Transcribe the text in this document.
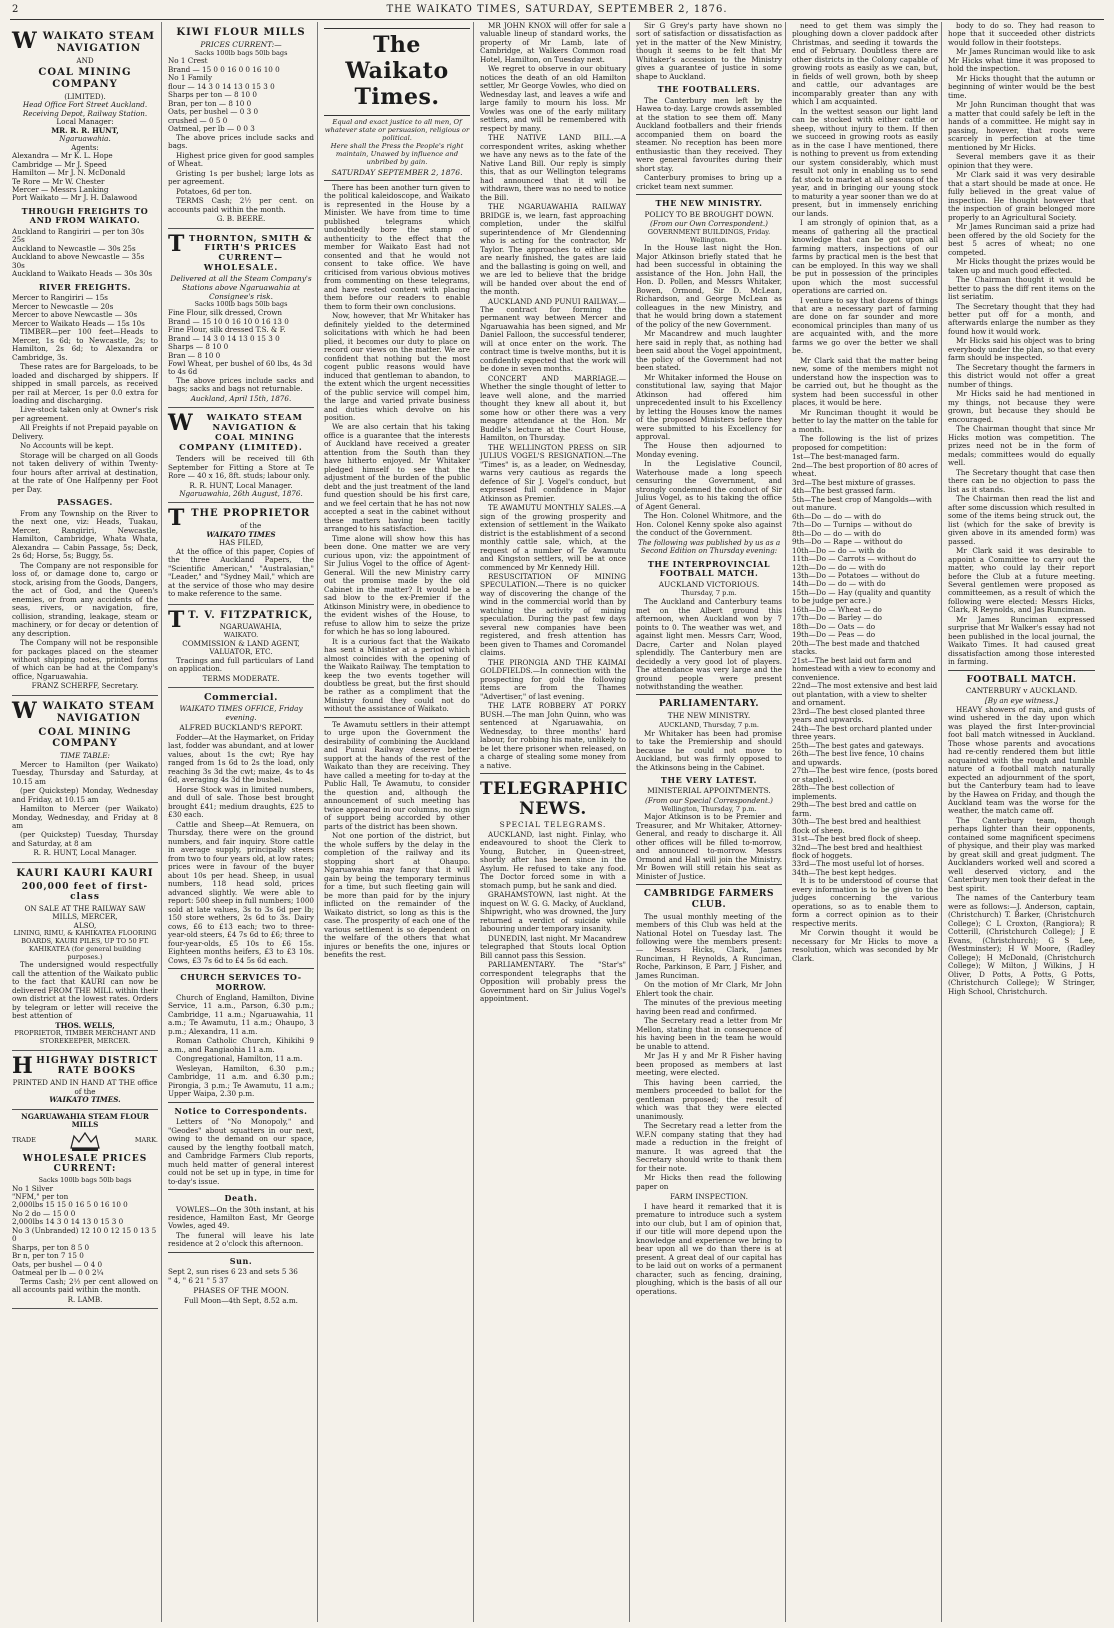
2	THE WAIKATO TIMES, SATURDAY, SEPTEMBER 2, 1876.
WWAIKATO STEAM NAVIGATION
AND
COAL MINING COMPANY
(LIMITED).
Head Office Fort Street Auckland.
Receiving Depot, Railway Station.
Local Manager:
MR. R. R. HUNT,
Ngaruawahia.
Agents:
Alexandra — Mr K. L. Hope
Cambridge — Mr J. Speed
Hamilton — Mr J. N. McDonald
Te Rore — Mr W. Chester
Mercer — Messrs Lanking
Port Waikato — Mr J. H. Dalawood
THROUGH FREIGHTS TO AND FROM WAIKATO.
Auckland to Rangiriri — per ton 30s 25s
Auckland to Newcastle — 30s 25s
Auckland to above Newcastle — 35s 30s
Auckland to Waikato Heads — 30s 30s
RIVER FREIGHTS.
Mercer to Rangiriri — 15s
Mercer to Newcastle — 20s
Mercer to above Newcastle — 30s
Mercer to Waikato Heads — 15s 10s
TIMBER—per 100 feet—Heads to Mercer, 1s 6d; to Newcastle, 2s; to Hamilton, 2s 6d; to Alexandra or Cambridge, 3s.
These rates are for Bargeloads, to be loaded and discharged by shippers. If shipped in small parcels, as received per rail at Mercer, 1s per 0.0 extra for loading and discharging.
Live-stock taken only at Owner's risk per agreement.
All Freights if not Prepaid payable on Delivery.
No Accounts will be kept.
Storage will be charged on all Goods not taken delivery of within Twenty-four hours after arrival at destination, at the rate of One Halfpenny per Foot per Day.
PASSAGES.
From any Township on the River to the next one, viz: Heads, Tuakau, Mercer, Rangiriri, Newcastle, Hamilton, Cambridge, Whata Whata, Alexandra — Cabin Passage, 5s; Deck, 2s 6d; Horse, 5s; Buggy, 5s.
The Company are not responsible for loss of, or damage done to, cargo or stock, arising from the Goods, Dangers, the act of God, and the Queen's enemies, or from any accidents of the seas, rivers, or navigation, fire, collision, stranding, leakage, steam or machinery, or for decay or detention of any description.
The Company will not be responsible for packages placed on the steamer without shipping notes, printed forms of which can be had at the Company's office, Ngaruawahia.
FRANZ SCHERFF, Secretary.
WWAIKATO STEAM NAVIGATION
COAL MINING COMPANY
TIME TABLE:
Mercer to Hamilton (per Waikato) Tuesday, Thursday and Saturday, at 10.15 am
(per Quickstep) Monday, Wednesday and Friday, at 10.15 am
Hamilton to Mercer (per Waikato) Monday, Wednesday, and Friday at 8 am
(per Quickstep) Tuesday, Thursday and Saturday, at 8 am
R. R. HUNT, Local Manager.
KAURI KAURI KAURI
200,000 feet of first-class
ON SALE AT THE RAILWAY SAW MILLS, MERCER,
ALSO,
LINING, RIMU, & KAHIKATEA FLOORING BOARDS, KAURI PILES, UP TO 50 FT. KAHIKATEA (for general building purposes.)
The undersigned would respectfully call the attention of the Waikato public to the fact that KAURI can now be delivered FROM THE MILL within their own district at the lowest rates. Orders by telegram or letter will receive the best attention of
THOS. WELLS,
PROPRIETOR, TIMBER MERCHANT AND STOREKEEPER, MERCER.
HHIGHWAY DISTRICT RATE BOOKS
PRINTED AND IN HAND AT THE office of the
WAIKATO TIMES.
NGARUAWAHIA STEAM FLOUR MILLS
TRADE	MARK.
WHOLESALE PRICES CURRENT:
Sacks 100lb bags 50lb bags
No 1 Silver
"NFM," per ton
2,000lbs 15 15 0 16 5 0 16 10 0
No 2 do — 15 0 0
2,000lbs 14 3 0 14 13 0 15 3 0
No 3 (Unbranded) 12 10 0 12 15 0 13 5 0
Sharps, per ton 8 5 0
Br n, per ton 7 15 0
Oats, per bushel — 0 4 0
Oatmeal per lb — 0 0 2¼
Terms Cash; 2½ per cent allowed on all accounts paid within the month.
R. LAMB.
KIWI FLOUR MILLS
PRICES CURRENT:—
Sacks 100lb bags 50lb bags
No 1 Crest
Brand — 15 0 0 16 0 0 16 10 0
No 1 Family
flour — 14 3 0 14 13 0 15 3 0
Sharps per ton — 8 10 0
Bran, per ton — 8 10 0
Oats, per bushel — 0 3 0
crushed — 0 5 0
Oatmeal, per lb — 0 0 3
The above prices include sacks and bags.
Highest price given for good samples of Wheat.
Gristing 1s per bushel; large lots as per agreement.
Potatoes, 6d per ton.
TERMS Cash; 2½ per cent. on accounts paid within the month.
G. B. BEERE.
TTHORNTON, SMITH & FIRTH'S PRICES CURRENT—WHOLESALE.
Delivered at all the Steam Company's Stations above Ngaruawahia at Consignee's risk.
Sacks 100lb bags 50lb bags
Fine Flour, silk dressed, Crown
Brand — 15 10 0 16 10 0 16 13 0
Fine Flour, silk dressed T.S. & F.
Brand — 14 3 0 14 13 0 15 3 0
Sharps — 8 10 0
Bran — 8 10 0
Fowl Wheat, per bushel of 60 lbs, 4s 3d to 4s 6d
The above prices include sacks and bags; sacks and bags not returnable.
Auckland, April 15th, 1876.
W WAIKATO STEAM NAVIGATION & COAL MINING COMPANY (LIMITED).
Tenders will be received till 6th September for Fitting a Store at Te Rore — 40 x 16, 8ft. studs; labour only.
R. R. HUNT, Local Manager.
Ngaruawahia, 26th August, 1876.
TTHE PROPRIETOR
of the
WAIKATO TIMES
HAS FILED,
At the office of this paper, Copies of the three Auckland Papers, the "Scientific American," "Australasian," "Leader," and "Sydney Mail," which are at the service of those who may desire to make reference to the same.
T T. V. FITZPATRICK,
NGARUAWAHIA,
WAIKATO.
COMMISSION & LAND AGENT, VALUATOR, ETC.
Tracings and full particulars of Land on application.
TERMS MODERATE.
Commercial.
WAIKATO TIMES OFFICE, Friday evening.
ALFRED BUCKLAND'S REPORT.
Fodder—At the Haymarket, on Friday last, fodder was abundant, and at lower values, about 1s the cwt; Rye hay ranged from 1s 6d to 2s the load, only reaching 3s 3d the cwt; maize, 4s to 4s 6d, averaging 4s 3d the bushel.
Horse Stock was in limited numbers, and dull of sale. Those best brought brought £41; medium draughts, £25 to £30 each.
Cattle and Sheep—At Remuera, on Thursday, there were on the ground numbers, and fair inquiry. Store cattle in average supply, principally steers from two to four years old, at low rates; prices were in favour of the buyer about 10s per head. Sheep, in usual numbers, 118 head sold, prices advanced slightly. We were able to report: 500 sheep in full numbers; 1000 sold at late values, 3s to 3s 6d per lb; 150 store wethers, 2s 6d to 3s. Dairy cows, £6 to £13 each; two to three-year-old steers, £4 7s 6d to £6; three to four-year-olds, £5 10s to £6 15s. Eighteen months heifers, £3 to £3 10s. Cows, £3 7s 6d to £4 5s 6d each.
CHURCH SERVICES TO-MORROW.
Church of England, Hamilton, Divine Service, 11 a.m., Parson, 6.30 p.m.; Cambridge, 11 a.m.; Ngaruawahia, 11 a.m.; Te Awamutu, 11 a.m.; Ohaupo, 3 p.m.; Alexandra, 11 a.m.
Roman Catholic Church, Kihikihi 9 a.m., and Rangiaohia 11 a.m.
Congregational, Hamilton, 11 a.m.
Wesleyan, Hamilton, 6.30 p.m.; Cambridge, 11 a.m. and 6.30 p.m.; Pirongia, 3 p.m.; Te Awamutu, 11 a.m.; Upper Waipa, 2.30 p.m.
Notice to Correspondents.
Letters of "No Monopoly," and "Geodes" about squatters in our next, owing to the demand on our space, caused by the lengthy football match, and Cambridge Farmers Club reports, much held matter of general interest could not be set up in type, in time for to-day's issue.
Death.
VOWLES—On the 30th instant, at his residence, Hamilton East, Mr George Vowles, aged 49.
The funeral will leave his late residence at 2 o'clock this afternoon.
Sun.
Sept 2, sun rises 6 23 and sets 5 36
" 4, " 6 21 " 5 37
PHASES OF THE MOON.
Full Moon—4th Sept, 8.52 a.m.
The Waikato Times.
Equal and exact justice to all men, Of whatever state or persuasion, religious or political.
Here shall the Press the People's right maintain, Unawed by influence and unbribed by gain.
SATURDAY SEPTEMBER 2, 1876.
There has been another turn given to the political kaleidoscope, and Waikato is represented in the House by a Minister. We have from time to time published telegrams which undoubtedly bore the stamp of authenticity to the effect that the member for Waikato East had not consented and that he would not consent to take office. We have criticised from various obvious motives from commenting on these telegrams, and have rested content with placing them before our readers to enable them to form their own conclusions.
Now, however, that Mr Whitaker has definitely yielded to the determined solicitations with which he had been plied, it becomes our duty to place on record our views on the matter. We are confident that nothing but the most cogent public reasons would have induced that gentleman to abandon, to the extent which the urgent necessities of the public service will compel him, the large and varied private business and duties which devolve on his position.
We are also certain that his taking office is a guarantee that the interests of Auckland have received a greater attention from the South than they have hitherto enjoyed. Mr Whitaker pledged himself to see that the adjustment of the burden of the public debt and the just treatment of the land fund question should be his first care, and we feel certain that he has not now accepted a seat in the cabinet without these matters having been tacitly arranged to his satisfaction.
Time alone will show how this has been done. One matter we are very curious upon, viz: the appointment of Sir Julius Vogel to the office of Agent-General. Will the new Ministry carry out the promise made by the old Cabinet in the matter? It would be a sad blow to the ex-Premier if the Atkinson Ministry were, in obedience to the evident wishes of the House, to refuse to allow him to seize the prize for which he has so long laboured.
It is a curious fact that the Waikato has sent a Minister at a period which almost coincides with the opening of the Waikato Railway. The temptation to keep the two events together will doubtless be great, but the first should be rather as a compliment that the Ministry found they could not do without the assistance of Waikato.
Te Awamutu settlers in their attempt to urge upon the Government the desirability of combining the Auckland and Punui Railway deserve better support at the hands of the rest of the Waikato than they are receiving. They have called a meeting for to-day at the Public Hall, Te Awamutu, to consider the question and, although the announcement of such meeting has twice appeared in our columns, no sign of support being accorded by other parts of the district has been shown.
Not one portion of the district, but the whole suffers by the delay in the completion of the railway and its stopping short at Ohaupo. Ngaruawahia may fancy that it will gain by being the temporary terminus for a time, but such fleeting gain will be more than paid for by the injury inflicted on the remainder of the Waikato district, so long as this is the case. The prosperity of each one of the various settlement is so dependent on the welfare of the others that what injures or benefits the one, injures or benefits the rest.
MR JOHN KNOX will offer for sale a valuable lineup of standard works, the property of Mr Lamb, late of Cambridge, at Walkers Common road Hotel, Hamilton, on Tuesday next.
We regret to observe in our obituary notices the death of an old Hamilton settler, Mr George Vowles, who died on Wednesday last, and leaves a wife and large family to mourn his loss. Mr Vowles was one of the early military settlers, and will be remembered with respect by many.
THE NATIVE LAND BILL.—A correspondent writes, asking whether we have any news as to the fate of the Native Land Bill. Our reply is simply this, that as our Wellington telegrams had announced that it will be withdrawn, there was no need to notice the Bill.
THE NGARUAWAHIA RAILWAY BRIDGE is, we learn, fast approaching completion, under the skilful superintendence of Mr Glendenning who is acting for the contractor, Mr Taylor. The approaches to either side are nearly finished, the gates are laid and the ballasting is going on well, and we are led to believe that the bridge will be handed over about the end of the month.
AUCKLAND AND PUNUI RAILWAY.—The contract for forming the permanent way between Mercer and Ngaruawahia has been signed, and Mr Daniel Falloon, the successful tenderer, will at once enter on the work. The contract time is twelve months, but it is confidently expected that the work will be done in seven months.
CONCERT AND MARRIAGE.—Whether the single thought of letter to leave well alone, and the married thought they knew all about it, but some how or other there was a very meagre attendance at the Hon. Mr Buddle's lecture at the Court House, Hamilton, on Thursday.
THE WELLINGTON PRESS on SIR JULIUS VOGEL'S RESIGNATION.—The "Times" is, as a leader, on Wednesday, warns very cautious as regards the defence of Sir J. Vogel's conduct, but expressed full confidence in Major Atkinson as Premier.
TE AWAMUTU MONTHLY SALES.—A sign of the growing prosperity and extension of settlement in the Waikato district is the establishment of a second monthly cattle sale, which, at the request of a number of Te Awamutu and Kingston settlers, will be at once commenced by Mr Kennedy Hill.
RESUSCITATION OF MINING SPECULATION.—There is no quicker way of discovering the change of the wind in the commercial world than by watching the activity of mining speculation. During the past few days several new companies have been registered, and fresh attention has been given to Thames and Coromandel claims.
THE PIRONGIA AND THE KAIMAI GOLDFIELDS.—In connection with the prospecting for gold the following items are from the Thames "Advertiser," of last evening.
THE LATE ROBBERY AT PORKY BUSH.—The man John Quinn, who was sentenced at Ngaruawahia, on Wednesday, to three months' hard labour, for robbing his mate, unlikely to be let there prisoner when released, on a charge of stealing some money from a native.
TELEGRAPHIC NEWS.
SPECIAL TELEGRAMS.
AUCKLAND, last night. Finlay, who endeavoured to shoot the Clerk to Young, Butcher, in Queen-street, shortly after has been since in the Asylum. He refused to take any food. The Doctor forced some in with a stomach pump, but he sank and died.
GRAHAMSTOWN, last night. At the inquest on W. G. G. Macky, of Auckland, Shipwright, who was drowned, the Jury returned a verdict of suicide while labouring under temporary insanity.
DUNEDIN, last night. Mr Macandrew telegraphed that Stouts local Option Bill cannot pass this Session.
PARLIAMENTARY. The "Star's" correspondent telegraphs that the Opposition will probably press the Government hard on Sir Julius Vogel's appointment.
Sir G Grey's party have shown no sort of satisfaction or dissatisfaction as yet in the matter of the New Ministry, though it seems to be felt that Mr Whitaker's accession to the Ministry gives a guarantee of justice in some shape to Auckland.
THE FOOTBALLERS.
The Canterbury men left by the Hawea to-day. Large crowds assembled at the station to see them off. Many Auckland footballers and their friends accompanied them on board the steamer. No reception has been more enthusiastic than they received. They were general favourites during their short stay.
Canterbury promises to bring up a cricket team next summer.
THE NEW MINISTRY.
POLICY TO BE BROUGHT DOWN.
(From our Own Correspondent.)
GOVERNMENT BUILDINGS, Friday. Wellington.
In the House last night the Hon. Major Atkinson briefly stated that he had been successful in obtaining the assistance of the Hon. John Hall, the Hon. D. Pollen, and Messrs Whitaker, Bowen, Ormond, Sir D. McLean, Richardson, and George McLean as colleagues in the new Ministry, and that he would bring down a statement of the policy of the new Government.
Mr Macandrew and much laughter here said in reply that, as nothing had been said about the Vogel appointment, the policy of the Government had not been stated.
Mr Whitaker informed the House on constitutional law, saying that Major Atkinson had offered him unprecedented insult to his Excellency by letting the Houses know the names of the proposed Ministers before they were submitted to his Excellency for approval.
The House then adjourned to Monday evening.
In the Legislative Council, Waterhouse made a long speech censuring the Government, and strongly condemned the conduct of Sir Julius Vogel, as to his taking the office of Agent General.
The Hon. Colonel Whitmore, and the Hon. Colonel Kenny spoke also against the conduct of the Government.
The following was published by us as a Second Edition on Thursday evening:
THE INTERPROVINCIAL FOOTBALL MATCH.
AUCKLAND VICTORIOUS.
Thursday, 7 p.m.
The Auckland and Canterbury teams met on the Albert ground this afternoon, when Auckland won by 7 points to 0. The weather was wet, and against light men. Messrs Carr, Wood, Dacre, Carter and Nolan played splendidly. The Canterbury men are decidedly a very good lot of players. The attendance was very large and the ground people were present notwithstanding the weather.
PARLIAMENTARY.
THE NEW MINISTRY.
AUCKLAND, Thursday, 7 p.m.
Mr Whitaker has been had promise to take the Premiership and should because he could not move to Auckland, but was firmly opposed to the Atkinsons being in the Cabinet.
THE VERY LATEST.
MINISTERIAL APPOINTMENTS.
(From our Special Correspondent.)
Wellington, Thursday, 7 p.m.
Major Atkinson is to be Premier and Treasurer, and Mr Whitaker, Attorney-General, and ready to discharge it. All other offices will be filled to-morrow, and announced to-morrow. Messrs Ormond and Hall will join the Ministry. Mr Bowen will still retain his seat as Minister of Justice.
CAMBRIDGE FARMERS CLUB.
The usual monthly meeting of the members of this Club was held at the National Hotel on Tuesday last. The following were the members present: — Messrs Hicks, Clark, James Runciman, H Reynolds, A Runciman, Roche, Parkinson, E Parr, J Fisher, and James Runciman.
On the motion of Mr Clark, Mr John Ehlert took the chair.
The minutes of the previous meeting having been read and confirmed.
The Secretary read a letter from Mr Mellon, stating that in consequence of his having been in the team he would be unable to attend.
Mr Jas H y and Mr R Fisher having been proposed as members at last meeting, were elected.
This having been carried, the members proceeded to ballot for the gentleman proposed; the result of which was that they were elected unanimously.
The Secretary read a letter from the W.F.N company stating that they had made a reduction in the freight of manure. It was agreed that the Secretary should write to thank them for their note.
Mr Hicks then read the following paper on
FARM INSPECTION.
I have heard it remarked that it is premature to introduce such a system into our club, but I am of opinion that, if our title will more depend upon the knowledge and experience we bring to bear upon all we do than there is at present. A great deal of our capital has to be laid out on works of a permanent character, such as fencing, draining, ploughing, which is the basis of all our operations.
need to get them was simply the ploughing down a clover paddock after Christmas, and seeding it towards the end of February. Doubtless there are other districts in the Colony capable of growing roots as easily as we can, but, in fields of well grown, both by sheep and cattle, our advantages are incomparably greater than any with which I am acquainted.
In the wettest season our light land can be stocked with either cattle or sheep, without injury to them. If then we succeed in growing roots as easily as in the case I have mentioned, there is nothing to prevent us from extending our system considerably, which must result not only in enabling us to send fat stock to market at all seasons of the year, and in bringing our young stock to maturity a year sooner than we do at present, but in immensely enriching our lands.
I am strongly of opinion that, as a means of gathering all the practical knowledge that can be got upon all farming matters, inspections of our farms by practical men is the best that can be employed. In this way we shall be put in possession of the principles upon which the most successful operations are carried on.
I venture to say that dozens of things that are a necessary part of farming are done on far sounder and more economical principles than many of us are acquainted with, and the more farms we go over the better we shall be.
Mr Clark said that the matter being new, some of the members might not understand how the inspection was to be carried out, but he thought as the system had been successful in other places, it would be here.
Mr Runciman thought it would be better to lay the matter on the table for a month.
The following is the list of prizes proposed for competition:
1st—The best-managed farm.
2nd—The best proportion of 80 acres of wheat.
3rd—The best mixture of grasses.
4th—The best grassed farm.
5th—The best crop of Mangolds—with out manure.
6th—Do — do — with do
7th—Do — Turnips — without do
8th—Do — do — with do
9th—Do — Rape — without do
10th—Do — do — with do
11th—Do — Carrots — without do
12th—Do — do — with do
13th—Do — Potatoes — without do
14th—Do — do — with do
15th—Do — Hay (quality and quantity to be judge per acre.)
16th—Do — Wheat — do
17th—Do — Barley — do
18th—Do — Oats — do
19th—Do — Peas — do
20th—The best made and thatched stacks.
21st—The best laid out farm and homestead with a view to economy and convenience.
22nd—The most extensive and best laid out plantation, with a view to shelter and ornament.
23rd—The best closed planted three years and upwards.
24th—The best orchard planted under three years.
25th—The best gates and gateways.
26th—The best live fence, 10 chains and upwards.
27th—The best wire fence, (posts bored or stapled).
28th—The best collection of implements.
29th—The best bred and cattle on farm.
30th—The best bred and healthiest flock of sheep.
31st—The best bred flock of sheep.
32nd—The best bred and healthiest flock of hoggets.
33rd—The most useful lot of horses.
34th—The best kept hedges.
It is to be understood of course that every information is to be given to the judges concerning the various operations, so as to enable them to form a correct opinion as to their respective merits.
Mr Corwin thought it would be necessary for Mr Hicks to move a resolution, which was seconded by Mr Clark.
body to do so. They had reason to hope that it succeeded other districts would follow in their footsteps.
Mr James Runciman would like to ask Mr Hicks what time it was proposed to hold the inspection.
Mr Hicks thought that the autumn or beginning of winter would be the best time.
Mr John Runciman thought that was a matter that could safely be left in the hands of a committee. He might say in passing, however, that roots were scarcely in perfection at the time mentioned by Mr Hicks.
Several members gave it as their opinion that they were.
Mr Clark said it was very desirable that a start should be made at once. He fully believed in the great value of inspection. He thought however that the inspection of grain belonged more properly to an Agricultural Society.
Mr James Runciman said a prize had been offered by the old Society for the best 5 acres of wheat; no one competed.
Mr Hicks thought the prizes would be taken up and much good effected.
The Chairman thought it would be better to pass the diff rent items on the list seriatim.
The Secretary thought that they had better put off for a month, and afterwards enlarge the number as they found how it would work.
Mr Hicks said his object was to bring everybody under the plan, so that every farm should be inspected.
The Secretary thought the farmers in this district would not offer a great number of things.
Mr Hicks said he had mentioned in my things, not because they were grown, but because they should be encouraged.
The Chairman thought that since Mr Hicks motion was competition. The prizes need not be in the form of medals; committees would do equally well.
The Secretary thought that case then there can be no objection to pass the list as it stands.
The Chairman then read the list and after some discussion which resulted in some of the items being struck out, the list (which for the sake of brevity is given above in its amended form) was passed.
Mr Clark said it was desirable to appoint a Committee to carry out the matter, who could lay their report before the Club at a future meeting. Several gentlemen were proposed as committeemen, as a result of which the following were elected: Messrs Hicks, Clark, R Reynolds, and Jas Runciman.
Mr James Runciman expressed surprise that Mr Walker's essay had not been published in the local journal, the Waikato Times. It had caused great dissatisfaction among those interested in farming.
FOOTBALL MATCH.
CANTERBURY v AUCKLAND.
[By an eye witness.]
HEAVY showers of rain, and gusts of wind ushered in the day upon which was played the first Inter-provincial foot ball match witnessed in Auckland. Those whose parents and avocations had re-cently rendered them but little acquainted with the rough and tumble nature of a football match naturally expected an adjournment of the sport, but the Canterbury team had to leave by the Hawea on Friday, and though the Auckland team was the worse for the weather, the match came off.
The Canterbury team, though perhaps lighter than their opponents, contained some magnificent specimens of physique, and their play was marked by great skill and great judgment. The Aucklanders worked well and scored a well deserved victory, and the Canterbury men took their defeat in the best spirit.
The names of the Canterbury team were as follows:—J. Anderson, captain, (Christchurch) T. Barker, (Christchurch College); C L Croxton, (Rangiora); R Cotterill, (Christchurch College); J E Evans, (Christchurch); G S Lee, (Westminster); H W Moore, (Radley College); H McDonald, (Christchurch College); W Milton, J Wilkins, J H Oliver, D Potts, A Potts, G Potts, (Christchurch College); W Stringer, High School, Christchurch.
